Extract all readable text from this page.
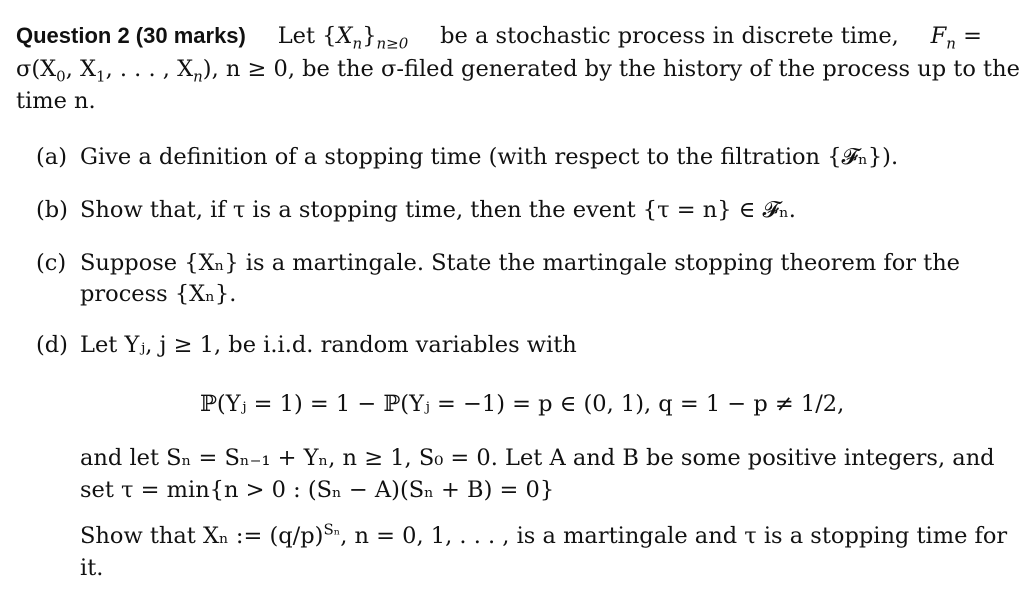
Question 2 (30 marks) Let $\{X_n\}_{n\ge 0}$ be a stochastic process in discrete time, $F_n$ =
$\sigma(X_0$, $X_1$, . . . , $X_n$), n ≥ 0, be the σ-filed generated by the history of the process up to the
time n.
(a) Give a definition of a stopping time (with respect to the filtration {𝓕ₙ}).
(b) Show that, if τ is a stopping time, then the event {τ = n} ∈ 𝓕ₙ.
(c) Suppose {Xₙ} is a martingale. State the martingale stopping theorem for the
process {Xₙ}.
(d) Let Yⱼ, j ≥ 1, be i.i.d. random variables with
ℙ(Yⱼ = 1) = 1 − ℙ(Yⱼ = −1) = p ∈ (0, 1), q = 1 − p ≠ 1/2,
and let Sₙ = Sₙ₋₁ + Yₙ, n ≥ 1, S₀ = 0. Let A and B be some positive integers, and
set τ = min{n > 0 : (Sₙ − A)(Sₙ + B) = 0}
Show that Xₙ := $(q/p)^{S_n}$, n = 0, 1, . . . , is a martingale and τ is a stopping time for
it.
